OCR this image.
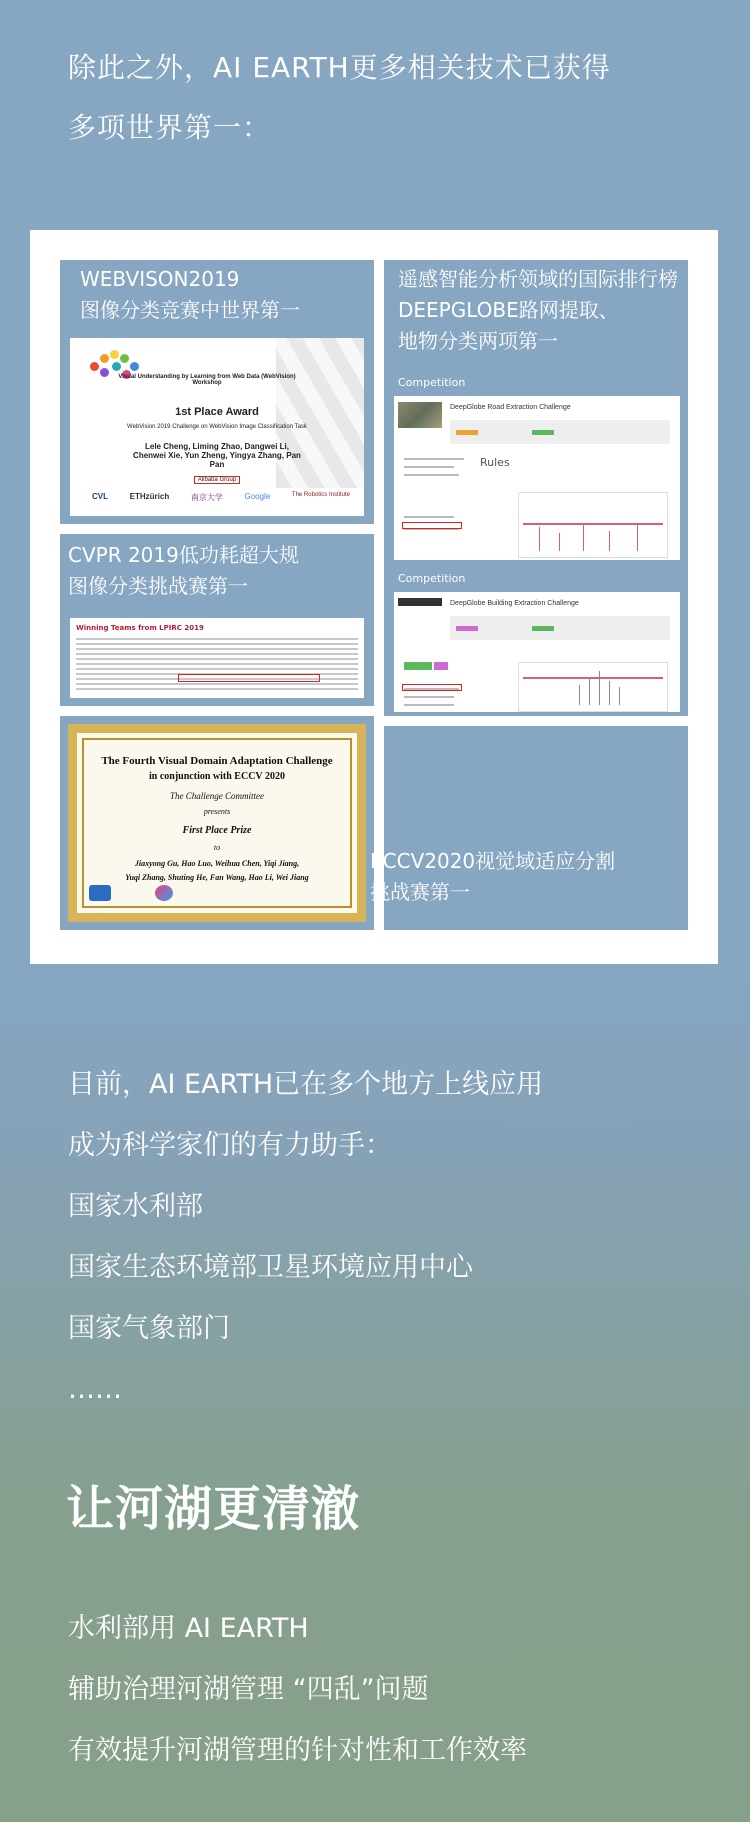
除此之外，AI EARTH更多相关技术已获得

多项世界第一：

WEBVISON2019
图像分类竞赛中世界第一
Visual Understanding by Learning from Web Data (WebVision) Workshop
1st Place Award
WebVision 2019 Challenge on WebVision Image Classification Task
Lele Cheng, Liming Zhao, Dangwei Li, Chenwei Xie, Yun Zheng, Yingya Zhang, Pan Pan
Alibaba Group
CVL	ETHzürich	南京大学	Google	The Robotics Institute
CVPR 2019低功耗超大规
图像分类挑战赛第一
Winning Teams from LPIRC 2019
The Fourth Visual Domain Adaptation Challenge
in conjunction with ECCV 2020
The Challenge Committee
presents
First Place Prize
to
Jiaxyong Gu, Hao Luo, Weihua Chen, Yiqi Jiang,
Yuqi Zhang, Shuting He, Fan Wang, Hao Li, Wei Jiang
遥感智能分析领域的国际排行榜
DEEPGLOBE路网提取、
地物分类两项第一
Competition
DeepGlobe Road Extraction Challenge
Rules
Competition
DeepGlobe Building Extraction Challenge
ECCV2020视觉域适应分割
挑战赛第一

目前，AI EARTH已在多个地方上线应用

成为科学家们的有力助手：

国家水利部

国家生态环境部卫星环境应用中心

国家气象部门

……

让河湖更清澈

水利部用 AI EARTH

辅助治理河湖管理 “四乱”问题

有效提升河湖管理的针对性和工作效率
